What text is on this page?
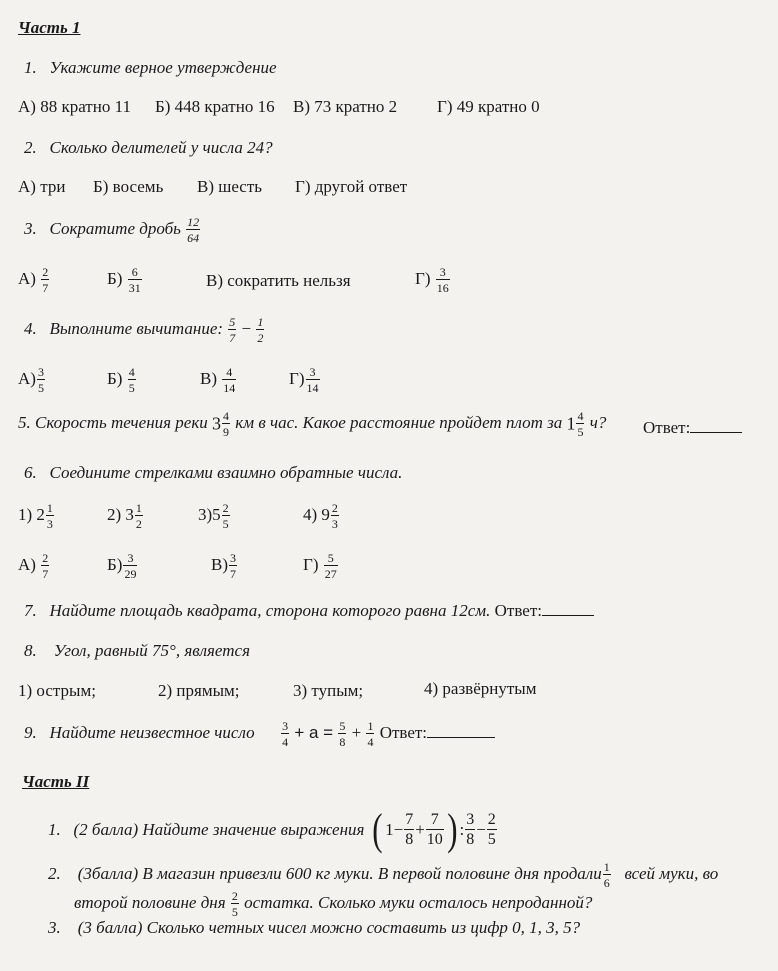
Часть 1
1. Укажите верное утверждение
А) 88 кратно 11 Б) 448 кратно 16 В) 73 кратно 2 Г) 49 кратно 0
2. Сколько делителей у числа 24?
А) три Б) восемь В) шесть Г) другой ответ
3. Сократите дробь $\frac{12}{64}$
$А) \frac{2}{7}$	$Б) \frac{6}{31}$	В) сократить нельзя	$Г) \frac{3}{16}$
4. Выполните вычитание: $\frac{5}{7} - \frac{1}{2}$
$А) \frac{3}{5}$	$Б) \frac{4}{5}$	$В) \frac{4}{14}$	$Г) \frac{3}{14}$
5. Скорость течения реки $3 \frac{4}{9}$ км в час. Какое расстояние пройдет плот за $1 \frac{4}{5} ч$? Ответ:
6. Соедините стрелками взаимно обратные числа.
1) $2 \frac{1}{3}$	2) $3 \frac{1}{2}$	$3)5 \frac{2}{5}$	4) $9 \frac{2}{3}$
$А) \frac{2}{7}$	$Б) \frac{3}{29}$	$В) \frac{3}{7}$	$Г) \frac{5}{27}$
7. Найдите площадь квадрата, сторона которого равна 12см. Ответ:
8. Угол, равный 75°, является
1) острым;	2) прямым;	3) тупым;	4) развёрнутым
9. Найдите неизвестное число $\frac{3}{4} + a = \frac{5}{8} + \frac{1}{4}$ Ответ:
Часть II
1.
(2 балла) Найдите значение выражения ( $1 - \frac{7}{8} + \frac{7}{10}$ ) : $\frac{3}{8} - \frac{2}{5}$
2. (3балла) В магазин привезли 600 кг муки. В первой половине дня продали $\frac{1}{6}$ всей муки, во
второй половине дня $\frac{2}{5}$ остатка. Сколько муки осталось непроданной?
3. (3 балла) Сколько четных чисел можно составить из цифр 0, 1, 3, 5?
